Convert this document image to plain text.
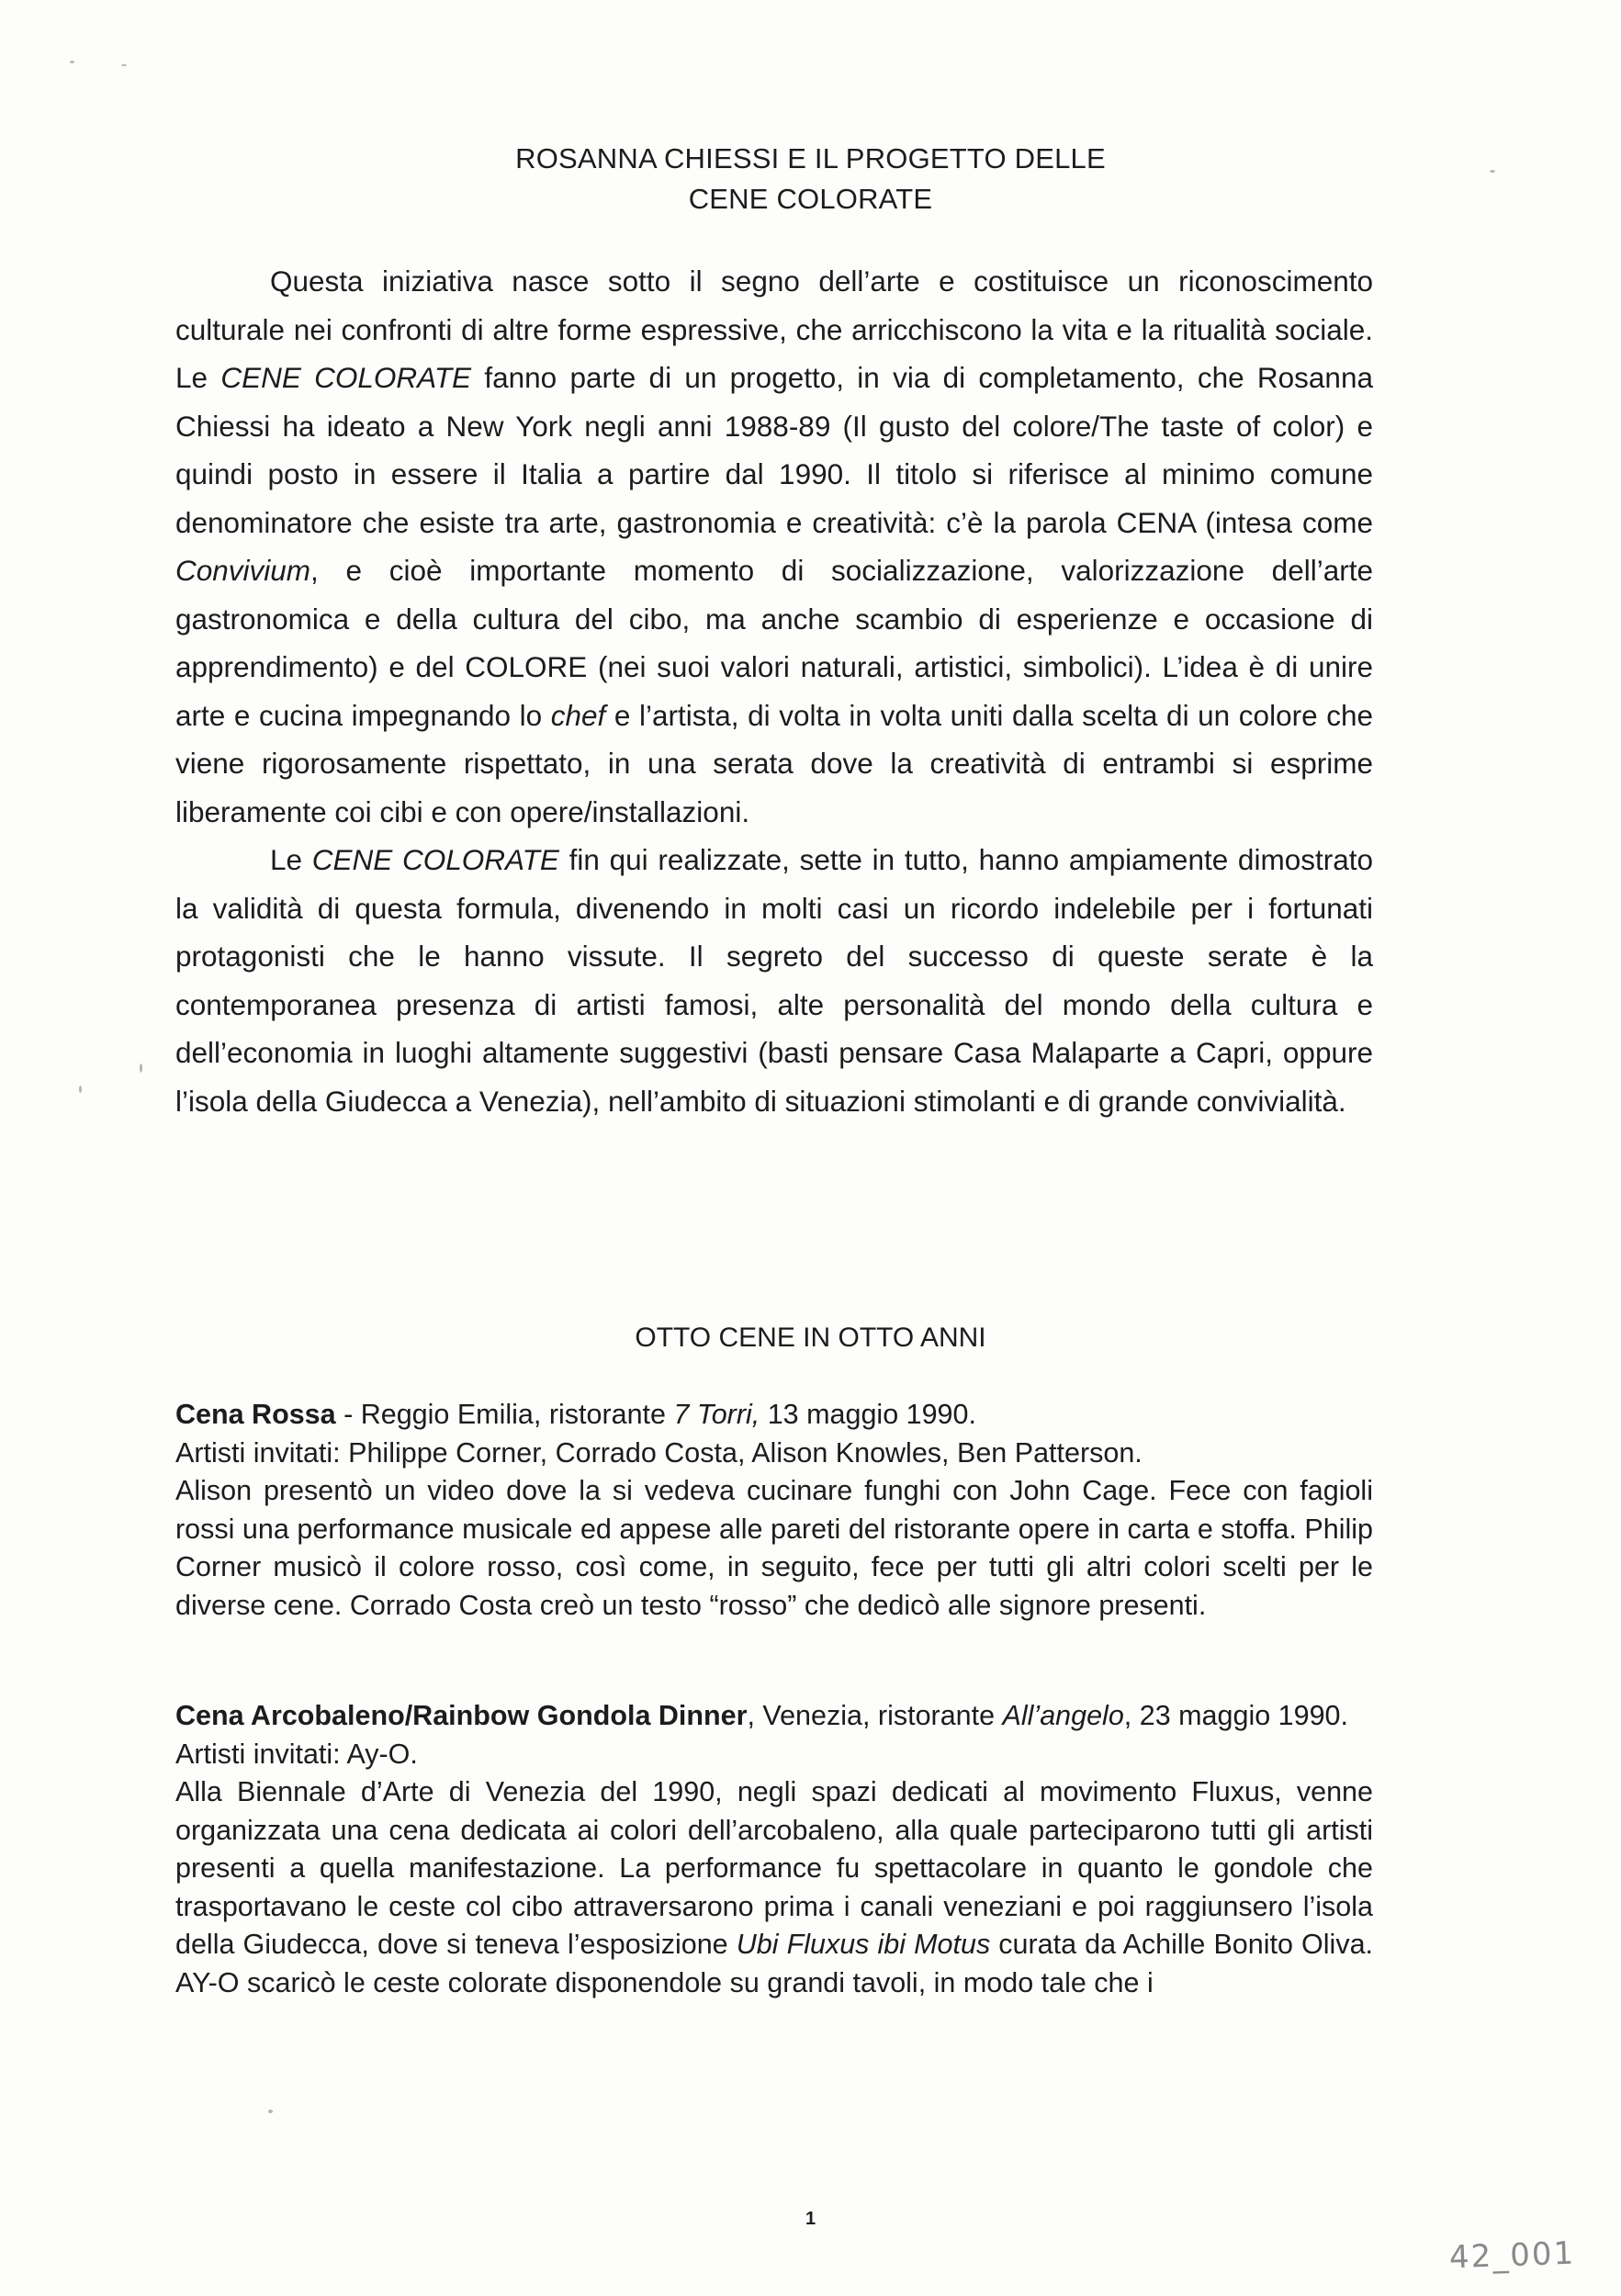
ROSANNA CHIESSI E IL PROGETTO DELLE
CENE COLORATE

Questa iniziativa nasce sotto il segno dell’arte e costituisce un riconoscimento culturale nei confronti di altre forme espressive, che arricchiscono la vita e la ritualità sociale. Le CENE COLORATE fanno parte di un progetto, in via di completamento, che Rosanna Chiessi ha ideato a New York negli anni 1988-89 (Il gusto del colore/The taste of color) e quindi posto in essere il Italia a partire dal 1990. Il titolo si riferisce al minimo comune denominatore che esiste tra arte, gastronomia e creatività: c’è la parola CENA (intesa come Convivium, e cioè importante momento di socializzazione, valorizzazione dell’arte gastronomica e della cultura del cibo, ma anche scambio di esperienze e occasione di apprendimento) e del COLORE (nei suoi valori naturali, artistici, simbolici). L’idea è di unire arte e cucina impegnando lo chef e l’artista, di volta in volta uniti dalla scelta di un colore che viene rigorosamente rispettato, in una serata dove la creatività di entrambi si esprime liberamente coi cibi e con opere/installazioni.

Le CENE COLORATE fin qui realizzate, sette in tutto, hanno ampiamente dimostrato la validità di questa formula, divenendo in molti casi un ricordo indelebile per i fortunati protagonisti che le hanno vissute. Il segreto del successo di queste serate è la contemporanea presenza di artisti famosi, alte personalità del mondo della cultura e dell’economia in luoghi altamente suggestivi (basti pensare Casa Malaparte a Capri, oppure l’isola della Giudecca a Venezia), nell’ambito di situazioni stimolanti e di grande convivialità.

OTTO CENE IN OTTO ANNI

Cena Rossa - Reggio Emilia, ristorante 7 Torri, 13 maggio 1990.

Artisti invitati: Philippe Corner, Corrado Costa, Alison Knowles, Ben Patterson.

Alison presentò un video dove la si vedeva cucinare funghi con John Cage. Fece con fagioli rossi una performance musicale ed appese alle pareti del ristorante opere in carta e stoffa. Philip Corner musicò il colore rosso, così come, in seguito, fece per tutti gli altri colori scelti per le diverse cene. Corrado Costa creò un testo “rosso” che dedicò alle signore presenti.

Cena Arcobaleno/Rainbow Gondola Dinner, Venezia, ristorante All’angelo, 23 maggio 1990.

Artisti invitati: Ay-O.

Alla Biennale d’Arte di Venezia del 1990, negli spazi dedicati al movimento Fluxus, venne organizzata una cena dedicata ai colori dell’arcobaleno, alla quale parteciparono tutti gli artisti presenti a quella manifestazione. La performance fu spettacolare in quanto le gondole che trasportavano le ceste col cibo attraversarono prima i canali veneziani e poi raggiunsero l’isola della Giudecca, dove si teneva l’esposizione Ubi Fluxus ibi Motus curata da Achille Bonito Oliva. AY-O scaricò le ceste colorate disponendole su grandi tavoli, in modo tale che i

1
42_001
